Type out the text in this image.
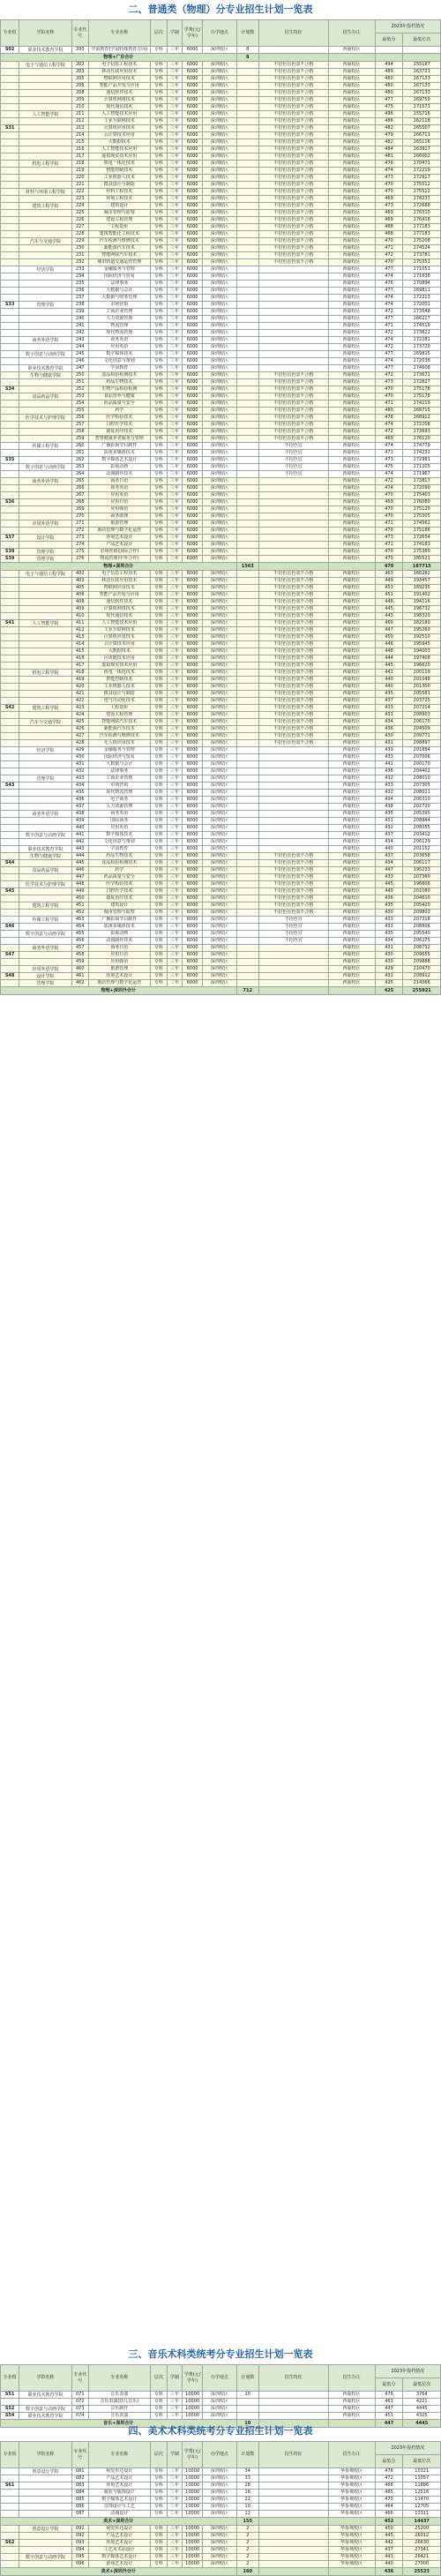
二、普通类（物理）分专业招生计划一览表
专业组	学院名称	专业代号	专业名称	层次	学制	学费(元/学年)	办学地点	计划数	招生特征	招生办注	2023年投档情况	
											最低分	最低位次
S02	职业技术教育学院	200	学前教育(学前特殊教育方向)	专科	三年	6000	深圳校区	8		西丽校区		
物理+广东合计								8				
	电子与通信工程学院	202	电子信息工程技术	专科	三年	6000	深圳校区		不招色盲色弱不合格	西丽校区	494	155187
		203	移动互联应用技术	专科	三年	6000	深圳校区		不招色盲色弱不合格	西丽校区	489	163723
		205	物联网应用技术	专科	三年	6000	深圳校区		不招色盲色弱不合格	西丽校区	480	167133
		206	智能产品开发与应用	专科	三年	6000	深圳校区		不招色盲色弱不合格	西丽校区	480	167133
		208	通信软件技术	专科	三年	6000	深圳校区		不招色盲色弱不合格	西丽校区	480	167133
		209	计算机网络技术	专科	三年	6000	深圳校区		不招色盲色弱不合格	西丽校区	477	169750
		210	现代通信技术	专科	三年	6000	深圳校区		不招色盲色弱不合格	西丽校区	475	171571
	人工智能学院	211	人工智能技术应用	专科	三年	6000	深圳校区		不招色盲色弱不合格	西丽校区	496	155716
		212	工业互联网技术	专科	三年	6000	深圳校区		不招色盲色弱不合格	西丽校区	486	162118
S31		213	计算机应用技术	专科	三年	6000	深圳校区		不招色盲色弱不合格	西丽校区	482	165507
		214	云计算技术应用	专科	三年	6000	深圳校区		不招色盲色弱不合格	西丽校区	479	166711
		215	大数据技术	专科	三年	6000	深圳校区		不招色盲色弱不合格	西丽校区	482	165116
		216	人工智能技术应用	专科	三年	6000	深圳校区		不招色盲色弱不合格	西丽校区	484	163917
		217	虚拟现实技术应用	专科	三年	6000	深圳校区		不招色盲色弱不合格	西丽校区	481	166002
	机电工程学院	218	机电一体化技术	专科	三年	6000	深圳校区		不招色盲色弱不合格	西丽校区	476	170471
		219	智能控制技术	专科	三年	6000	深圳校区		不招色盲色弱不合格	西丽校区	474	172219
		220	工业机器人技术	专科	三年	6000	深圳校区		不招色盲色弱不合格	西丽校区	473	172917
		221	模具设计与制造	专科	三年	6000	深圳校区		不招色盲色弱不合格	西丽校区	470	175512
	材料与环境工程学院	222	材料工程技术	专科	三年	6000	深圳校区		不招色盲色弱不合格	西丽校区	470	175512
		223	环境工程技术	专科	三年	6000	深圳校区		不招色盲色弱不合格	西丽校区	469	176237
	建筑工程学院	224	建筑设计	专科	三年	6000	深圳校区		不招色盲色弱不合格	西丽校区	473	172688
		225	城市管理与监察	专科	三年	6000	深圳校区		不招色盲色弱不合格	西丽校区	469	176310
		226	建设工程管理	专科	三年	6000	深圳校区		不招色盲色弱不合格	西丽校区	469	176418
		227	工程造价	专科	三年	6000	深圳校区		不招色盲色弱不合格	西丽校区	468	177183
		228	建筑智能化工程技术	专科	三年	6000	深圳校区		不招色盲色弱不合格	西丽校区	468	177183
	汽车与交通学院	229	汽车检测与维修技术	专科	三年	6000	深圳校区		不招色盲色弱不合格	西丽校区	470	175208
		230	新能源汽车技术	专科	三年	6000	深圳校区		不招色盲色弱不合格	西丽校区	471	174524
		231	智能网联汽车技术	专科	三年	6000	深圳校区		不招色盲色弱不合格	西丽校区	472	173781
		232	城市轨道交通运营管理	专科	三年	6000	深圳校区		不招色盲色弱不合格	西丽校区	470	175351
	经济学院	233	金融服务与管理	专科	三年	6000	深圳校区			西丽校区	477	171051
		234	国际经济与贸易	专科	三年	6000	深圳校区			西丽校区	474	171838
		235	法律事务	专科	三年	6000	深圳校区			西丽校区	476	170894
		236	大数据与会计	专科	三年	6000	深圳校区			西丽校区	477	169811
		237	大数据与财务管理	专科	三年	6000	深圳校区			西丽校区	474	172213
S33	管理学院	238	市场营销	专科	三年	6000	深圳校区			西丽校区	474	172001
		239	工商企业管理	专科	三年	6000	深圳校区			西丽校区	472	173548
		240	人力资源管理	专科	三年	6000	深圳校区			西丽校区	477	166217
		241	物流管理	专科	三年	6000	深圳校区			西丽校区	471	174519
		242	现代物流管理	专科	三年	6000	深圳校区			西丽校区	472	173822
	商务外语学院	243	商务英语	专科	三年	6000	深圳校区			西丽校区	474	172281
		244	应用英语	专科	三年	6000	深圳校区			西丽校区	472	173720
	数字创意与动画学院	245	数字媒体技术	专科	三年	6000	深圳校区			西丽校区	477	169815
		246	文化创意与策划	专科	三年	6000	深圳校区			西丽校区	474	172038
	职业技术教育学院	247	学前教育	专科	三年	6000	深圳校区			西丽校区	477	174608
	生物与健康学院	250	食品检验检测技术	专科	三年	6000	深圳校区		不招色盲色弱不合格	西丽校区	472	173671
		251	药品生物技术	专科	三年	6000	深圳校区		不招色盲色弱不合格	西丽校区	473	172827
S34		252	生物产品检验检测	专科	三年	6000	深圳校区		不招色盲色弱不合格	西丽校区	470	175178
	食品药品学院	253	食品营养与健康	专科	三年	6000	深圳校区		不招色盲色弱不合格	西丽校区	470	175178
		254	药品质量与安全	专科	三年	6000	深圳校区		不招色盲色弱不合格	西丽校区	471	174219
		255	药学	专科	三年	6000	深圳校区		不招色盲色弱不合格	西丽校区	480	166715
	医学技术与护理学院	256	医学检验技术	专科	三年	6000	深圳校区		不招色盲色弱不合格	西丽校区	478	168912
		257	口腔医学技术	专科	三年	6000	深圳校区		不招色盲色弱不合格	西丽校区	474	172208
		258	康复治疗技术	专科	三年	6000	深圳校区		不招色盲色弱不合格	西丽校区	472	173693
		259	智慧健康养老服务与管理	专科	三年	6000	深圳校区		不招色盲色弱不合格	西丽校区	469	176120
	传媒工程学院	260	广播影视节目制作	专科	三年	6000	深圳校区		不招色盲	西丽校区	474	174779
		261	影视多媒体技术	专科	三年	6000	深圳校区		不招色盲	西丽校区	471	174232
S35		262	数字媒体艺术设计	专科	三年	6000	深圳校区		不招色盲	西丽校区	473	172981
	数字创意与动画学院	263	影视动画	专科	三年	6000	深圳校区		不招色盲	西丽校区	475	171205
		264	动漫制作技术	专科	三年	6000	深圳校区		不招色盲	西丽校区	474	171967
	商务外语学院	265	商务日语	专科	三年	6000	深圳校区			西丽校区	472	173817
		266	商务英语	专科	三年	6000	深圳校区			西丽校区	474	172090
		267	应用英语	专科	三年	6000	深圳校区			西丽校区	470	175403
S36		268	应用日语	专科	三年	6000	深圳校区			西丽校区	469	176080
		269	应用韩语	专科	三年	6000	深圳校区			西丽校区	470	175120
		270	商务助理	专科	三年	6000	深圳校区			西丽校区	470	175305
	应用外语学院	271	旅游管理	专科	三年	6000	深圳校区			西丽校区	471	174562
		272	酒店管理与数字化运营	专科	三年	6000	深圳校区			西丽校区	470	175186
S37	设计学院	273	环境艺术设计	专科	三年	6000	深圳校区			西丽校区	473	172654
		274	产品艺术设计	专科	三年	6000	深圳校区			西丽校区	471	174183
S38	管理学院	275	市场营销(国际合作)	专科	三年	6000	深圳校区			西丽校区	470	175380
S39	管理学院	276	物流管理(中外合作)	专科	三年	6000	深圳校区			西丽校区	470	185521
物理+深圳合计								1563			470	187715
	电子与通信工程学院	402	电子信息工程技术	专科	三年	6000	深圳校区		不招色盲色弱不合格	西丽校区	463	166282
		403	移动互联应用技术	专科	三年	6000	深圳校区		不招色盲色弱不合格	西丽校区	449	193457
		405	物联网应用技术	专科	三年	6000	深圳校区		不招色盲色弱不合格	西丽校区	453	189235
		406	智能产品开发与应用	专科	三年	6000	深圳校区		不招色盲色弱不合格	西丽校区	451	191402
		408	通信软件技术	专科	三年	6000	深圳校区		不招色盲色弱不合格	西丽校区	448	194116
		409	计算机网络技术	专科	三年	6000	深圳校区		不招色盲色弱不合格	西丽校区	445	196732
		410	现代通信技术	专科	三年	6000	深圳校区		不招色盲色弱不合格	西丽校区	443	198320
S41	人工智能学院	411	人工智能技术应用	专科	三年	6000	深圳校区		不招色盲色弱不合格	西丽校区	460	182180
		412	工业互联网技术	专科	三年	6000	深圳校区		不招色盲色弱不合格	西丽校区	447	195260
		413	计算机应用技术	专科	三年	6000	深圳校区		不招色盲色弱不合格	西丽校区	450	192510
		414	云计算技术应用	专科	三年	6000	深圳校区		不招色盲色弱不合格	西丽校区	446	195945
		415	大数据技术	专科	三年	6000	深圳校区		不招色盲色弱不合格	西丽校区	448	194003
		416	区块链技术应用	专科	三年	6000	深圳校区		不招色盲色弱不合格	西丽校区	444	197408
		417	虚拟现实技术应用	专科	三年	6000	深圳校区		不招色盲色弱不合格	西丽校区	445	196620
	机电工程学院	418	机电一体化技术	专科	三年	6000	深圳校区		不招色盲色弱不合格	西丽校区	441	200119
		419	智能控制技术	专科	三年	6000	深圳校区		不招色盲色弱不合格	西丽校区	440	201048
		420	工业机器人技术	专科	三年	6000	深圳校区		不招色盲色弱不合格	西丽校区	440	201300
		421	模具设计与制造	专科	三年	6000	深圳校区		不招色盲色弱不合格	西丽校区	435	205581
		422	电气自动化技术	专科	三年	6000	深圳校区		不招色盲色弱不合格	西丽校区	437	203725
S42	建筑工程学院	423	工程造价	专科	三年	6000	深圳校区		不招色盲色弱不合格	西丽校区	433	207214
		424	建设工程管理	专科	三年	6000	深圳校区		不招色盲色弱不合格	西丽校区	431	208903
	汽车与交通学院	425	智能网联汽车技术	专科	三年	6000	深圳校区		不招色盲色弱不合格	西丽校区	434	206170
		426	新能源汽车技术	专科	三年	6000	深圳校区		不招色盲色弱不合格	西丽校区	436	204509
		427	汽车检测与维修技术	专科	三年	6000	深圳校区		不招色盲色弱不合格	西丽校区	430	209771
		428	无人机应用技术	专科	三年	6000	深圳校区		不招色盲色弱不合格	西丽校区	431	208897
	经济学院	429	金融服务与管理	专科	三年	6000	深圳校区			西丽校区	439	201884
		430	国际经济与贸易	专科	三年	6000	深圳校区			西丽校区	433	207006
		431	大数据与会计	专科	三年	6000	深圳校区			西丽校区	441	200170
		432	法律事务	专科	三年	6000	深圳校区			西丽校区	436	204402
	管理学院	433	工商企业管理	专科	三年	6000	深圳校区			西丽校区	432	208010
S43		434	市场营销	专科	三年	6000	深圳校区			西丽校区	433	207305
		435	现代物流管理	专科	三年	6000	深圳校区			西丽校区	432	208021
		436	电子商务	专科	三年	6000	深圳校区			西丽校区	434	206310
		437	人力资源管理	专科	三年	6000	深圳校区			西丽校区	438	202720
	商务外语学院	438	商务英语	专科	三年	6000	深圳校区			西丽校区	435	205395
		439	国际商务	专科	三年	6000	深圳校区			西丽校区	431	208944
		440	应用英语	专科	三年	6000	深圳校区			西丽校区	432	208055
	数字创意与动画学院	441	数字媒体技术	专科	三年	6000	深圳校区			西丽校区	437	203412
		442	文化创意与策划	专科	三年	6000	深圳校区			西丽校区	434	206129
	职业技术教育学院	443	学前教育	专科	三年	6000	深圳校区			西丽校区	440	201152
	生物与健康学院	444	药品生物技术	专科	三年	6000	深圳校区		不招色盲色弱不合格	西丽校区	437	203658
S44		445	食品检验检测技术	专科	三年	6000	深圳校区		不招色盲色弱不合格	西丽校区	434	206117
	食品药品学院	446	药学	专科	三年	6000	深圳校区		不招色盲色弱不合格	西丽校区	447	195233
		447	药品质量与安全	专科	三年	6000	深圳校区		不招色盲色弱不合格	西丽校区	433	207360
	医学技术与护理学院	448	医学检验技术	专科	三年	6000	深圳校区		不招色盲色弱不合格	西丽校区	445	196806
S45		449	口腔医学技术	专科	三年	6000	深圳校区		不招色盲色弱不合格	西丽校区	440	201080
		450	康复治疗技术	专科	三年	6000	深圳校区		不招色盲色弱不合格	西丽校区	436	204610
	建筑工程学院	451	建筑设计	专科	三年	6000	深圳校区		不招色盲色弱不合格	西丽校区	435	205420
		452	城市管理与监察	专科	三年	6000	深圳校区		不招色盲色弱不合格	西丽校区	430	209803
	传媒工程学院	453	广播影视节目制作	专科	三年	6000	深圳校区		不招色盲	西丽校区	433	207318
S46		454	影视多媒体技术	专科	三年	6000	深圳校区		不招色盲	西丽校区	431	208806
	数字创意与动画学院	455	影视动画	专科	三年	6000	深圳校区		不招色盲	西丽校区	435	205540
		456	动漫制作技术	专科	三年	6000	深圳校区		不招色盲	西丽校区	434	206275
	商务外语学院	457	商务日语	专科	三年	6000	深圳校区			西丽校区	431	208732
S47		458	应用日语	专科	三年	6000	深圳校区			西丽校区	430	209655
		459	应用韩语	专科	三年	6000	深圳校区			西丽校区	430	209888
	应用外语学院	460	旅游管理	专科	三年	6000	深圳校区			西丽校区	429	210470
S48	设计学院	461	环境艺术设计	专科	三年	6000	深圳校区			西丽校区	431	208912
	管理学院	462	酒店管理与数字化运营	专科	三年	6000	深圳校区			西丽校区	425	214066
物理+深圳外合计								712			425	255921
三、音乐术科类统考分专业招生计划一览表
专业组	学院名称	专业代号	专业名称	层次	学制	学费(元/学年)	办学地点	计划数	招生特征	招生办注	2023年投档情况	
											最低分	最低位次
S51	职业技术教育学院	071	音乐表演	专科	三年	10000	深圳校区	10		西丽校区	476	3764
		072	音乐表演(幼儿音乐)	专科	三年	10000	深圳校区			西丽校区	463	4221
S52	数字创意与动画学院	073	音乐制作	专科	三年	10000	深圳校区			西丽校区	447	4445
S54	职业技术教育学院	074	音乐表演	专科	三年	10000	深圳校区			西丽校区	451	4325
音乐+深圳合计								10			447	4445
四、美术术科类统考分专业招生计划一览表
专业组	学院名称	专业代号	专业名称	层次	学制	学费(元/学年)	办学地点	计划数	招生特征	招生办注	2023年投档情况	
											最低分	最低位次
	创意设计学院	081	视觉传达设计	专科	三年	10000	深圳校区	34		华侨城校区	476	10321
		082	产品艺术设计	专科	三年	10000	深圳校区	33		华侨城校区	472	11057
S61		083	环境艺术设计	专科	三年	10000	深圳校区	28		华侨城校区	468	11886
		084	服装与服饰设计	专科	三年	10000	深圳校区	16		华侨城校区	465	12516
		085	数字媒体艺术设计	专科	三年	10000	深圳校区	22		华侨城校区	470	11470
		086	首饰设计与工艺	专科	三年	10000	深圳校区	10		华侨城校区	464	12705
		087	动漫设计	专科	三年	10000	深圳校区	12		华侨城校区	466	12311
美术+深圳合计								155			452	14437
	创意设计学院	091	视觉传达设计	专科	三年	10000	深圳校区	2		华侨城校区	450	25200
		092	产品艺术设计	专科	三年	10000	深圳校区	2		华侨城校区	445	26012
S62		093	环境艺术设计	专科	三年	10000	深圳校区	2		华侨城校区	442	26630
		094	工艺美术品设计	专科	三年	10000	深圳校区	2		华侨城校区	437	27341
	数字创意与动画学院	095	数字媒体艺术设计	专科	三年	10000	深圳校区	2		华侨城校区	443	26421
		096	游戏艺术设计	专科	三年	10000	深圳校区	2		华侨城校区	440	27000
美术+深圳外合计								160			436	25523
